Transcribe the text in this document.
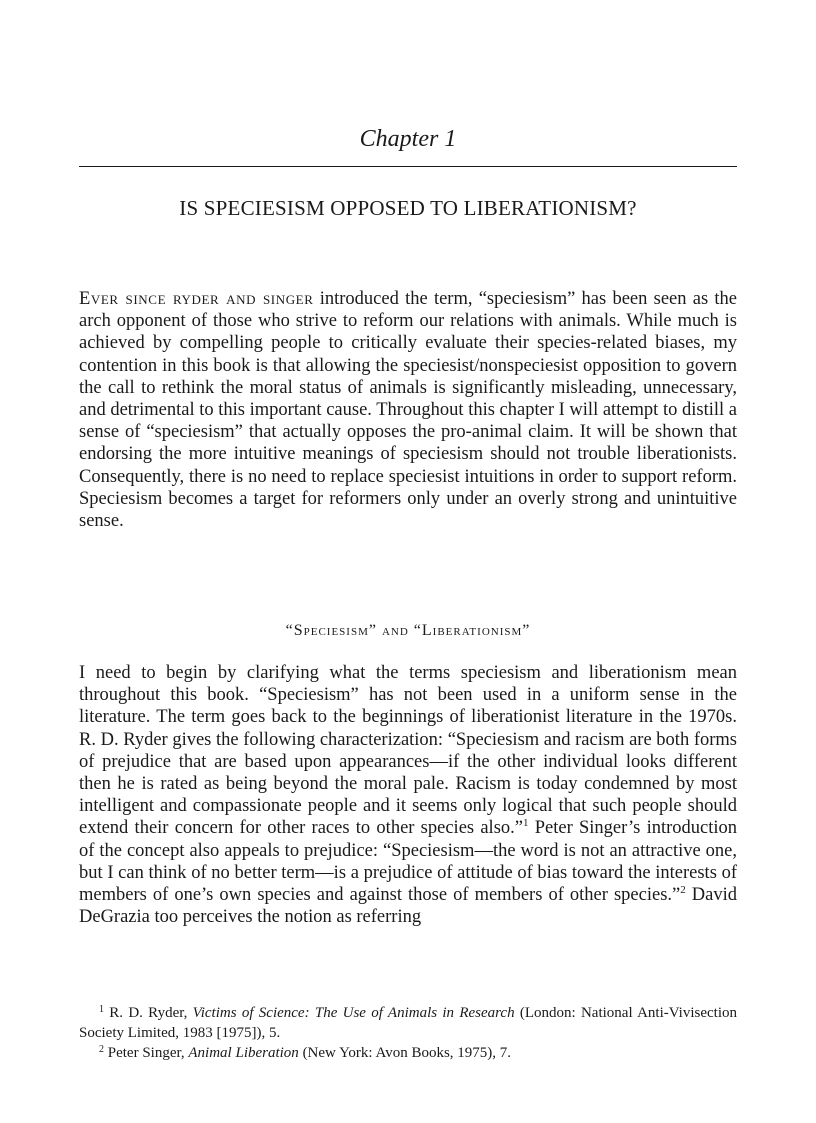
Chapter 1
IS SPECIESISM OPPOSED TO LIBERATIONISM?

Ever since ryder and singer introduced the term, “speciesism” has been seen as the arch opponent of those who strive to reform our relations with animals. While much is achieved by compelling people to critically evaluate their species-related biases, my contention in this book is that allowing the speciesist/nonspeciesist opposition to govern the call to rethink the moral status of animals is significantly misleading, unnecessary, and detrimental to this important cause. Throughout this chapter I will attempt to distill a sense of “speciesism” that actually opposes the pro-animal claim. It will be shown that endorsing the more intuitive meanings of speciesism should not trouble liberationists. Consequently, there is no need to replace speciesist intuitions in order to support reform. Speciesism becomes a target for reformers only under an overly strong and unintuitive sense.

“Speciesism” and “Liberationism”

I need to begin by clarifying what the terms speciesism and liberationism mean throughout this book. “Speciesism” has not been used in a uniform sense in the literature. The term goes back to the beginnings of liberationist literature in the 1970s. R. D. Ryder gives the following characterization: “Speciesism and racism are both forms of prejudice that are based upon appearances—if the other individual looks different then he is rated as being beyond the moral pale. Racism is today condemned by most intelligent and compassionate people and it seems only logical that such people should extend their concern for other races to other species also.”$^1$ Peter Singer’s introduction of the concept also appeals to prejudice: “Speciesism—the word is not an attractive one, but I can think of no better term—is a prejudice of attitude of bias toward the interests of members of one’s own species and against those of members of other species.”$^2$ David DeGrazia too perceives the notion as referring

$^1$ R. D. Ryder, Victims of Science: The Use of Animals in Research (London: National Anti-Vivisection Society Limited, 1983 [1975]), 5.

$^2$ Peter Singer, Animal Liberation (New York: Avon Books, 1975), 7.
